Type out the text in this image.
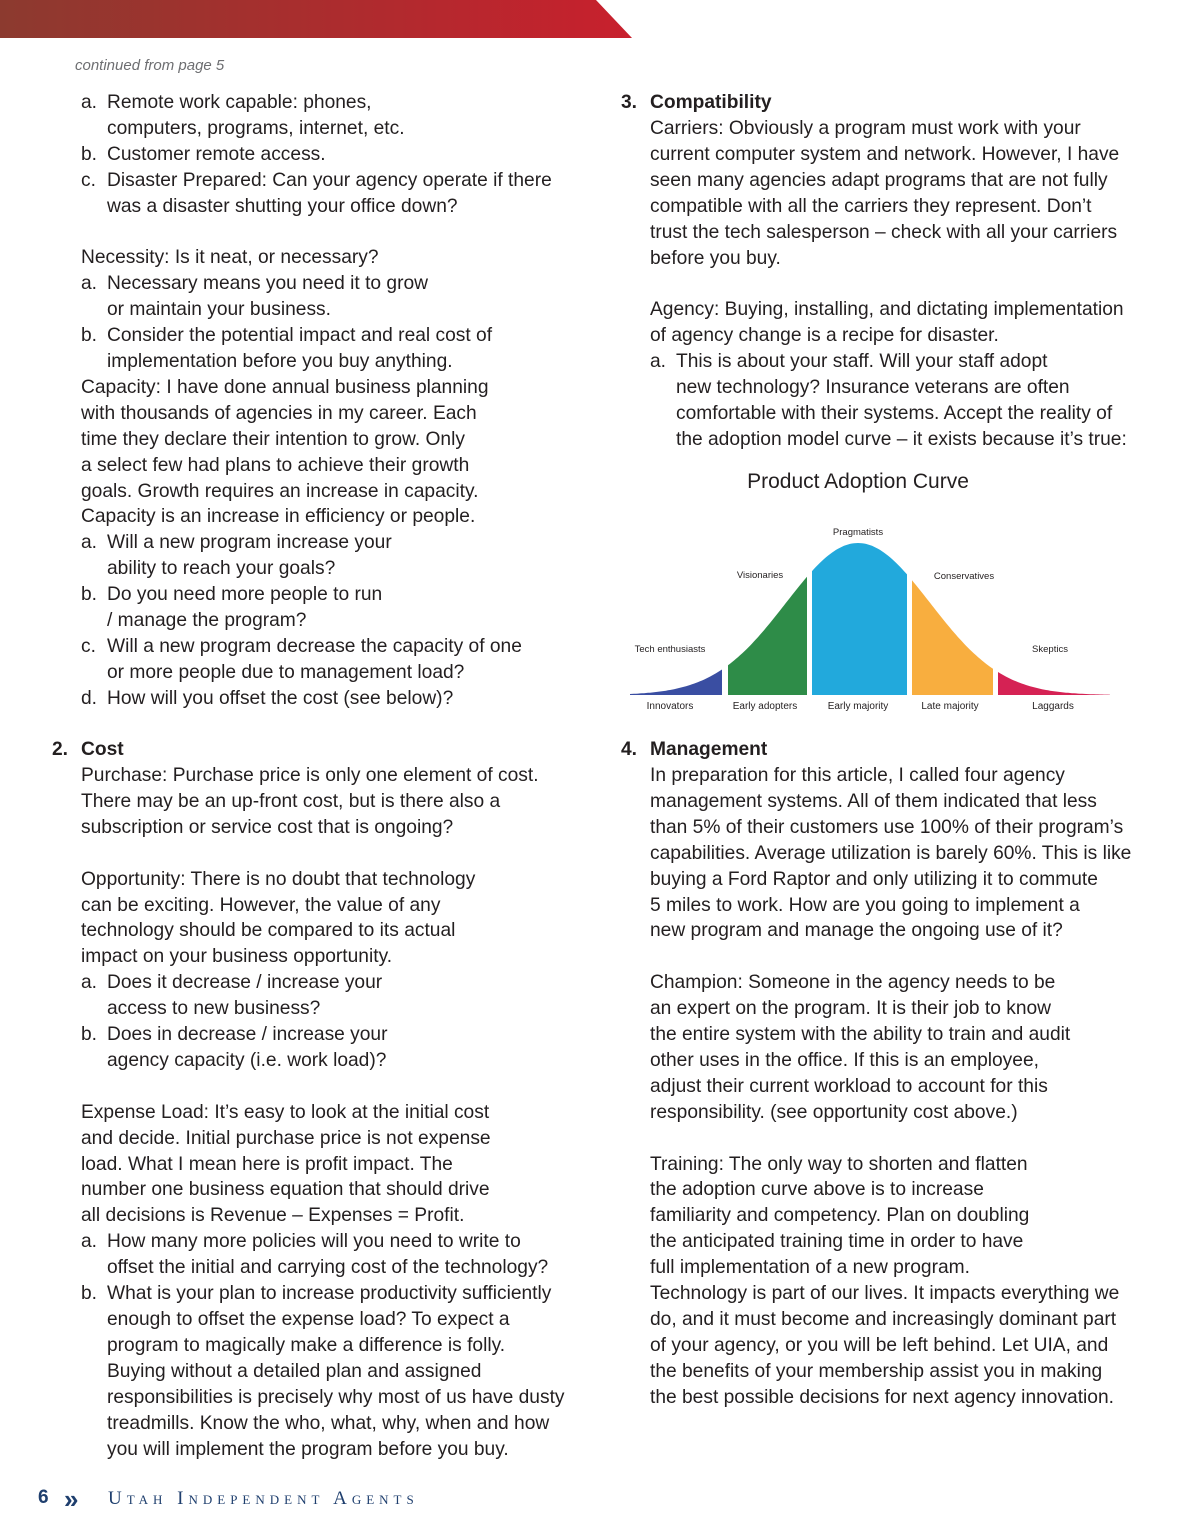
continued from page 5
a. Remote work capable: phones,
computers, programs, internet, etc.
b. Customer remote access.
c. Disaster Prepared: Can your agency operate if there
was a disaster shutting your office down?
Necessity: Is it neat, or necessary?
a. Necessary means you need it to grow
or maintain your business.
b. Consider the potential impact and real cost of
implementation before you buy anything.
Capacity: I have done annual business planning
with thousands of agencies in my career. Each
time they declare their intention to grow. Only
a select few had plans to achieve their growth
goals. Growth requires an increase in capacity.
Capacity is an increase in efficiency or people.
a. Will a new program increase your
ability to reach your goals?
b. Do you need more people to run
/ manage the program?
c. Will a new program decrease the capacity of one
or more people due to management load?
d. How will you offset the cost (see below)?
2. Cost
Purchase: Purchase price is only one element of cost.
There may be an up-front cost, but is there also a
subscription or service cost that is ongoing?
Opportunity: There is no doubt that technology
can be exciting. However, the value of any
technology should be compared to its actual
impact on your business opportunity.
a. Does it decrease / increase your
access to new business?
b. Does in decrease / increase your
agency capacity (i.e. work load)?
Expense Load: It’s easy to look at the initial cost
and decide. Initial purchase price is not expense
load. What I mean here is profit impact. The
number one business equation that should drive
all decisions is Revenue – Expenses = Profit.
a. How many more policies will you need to write to
offset the initial and carrying cost of the technology?
b. What is your plan to increase productivity sufficiently
enough to offset the expense load? To expect a
program to magically make a difference is folly.
Buying without a detailed plan and assigned
responsibilities is precisely why most of us have dusty
treadmills. Know the who, what, why, when and how
you will implement the program before you buy.
3. Compatibility
Carriers: Obviously a program must work with your
current computer system and network. However, I have
seen many agencies adapt programs that are not fully
compatible with all the carriers they represent. Don’t
trust the tech salesperson – check with all your carriers
before you buy.
Agency: Buying, installing, and dictating implementation
of agency change is a recipe for disaster.
a. This is about your staff. Will your staff adopt
new technology? Insurance veterans are often
comfortable with their systems. Accept the reality of
the adoption model curve – it exists because it’s true:
Product Adoption Curve
Innovators
Tech enthusiasts
Early adopters
Visionaries
Early majority
Pragmatists
Late majority
Conservatives
Laggards
Skeptics
4. Management
In preparation for this article, I called four agency
management systems. All of them indicated that less
than 5% of their customers use 100% of their program’s
capabilities. Average utilization is barely 60%. This is like
buying a Ford Raptor and only utilizing it to commute
5 miles to work. How are you going to implement a
new program and manage the ongoing use of it?
Champion: Someone in the agency needs to be
an expert on the program. It is their job to know
the entire system with the ability to train and audit
other uses in the office. If this is an employee,
adjust their current workload to account for this
responsibility. (see opportunity cost above.)
Training: The only way to shorten and flatten
the adoption curve above is to increase
familiarity and competency. Plan on doubling
the anticipated training time in order to have
full implementation of a new program.
Technology is part of our lives. It impacts everything we
do, and it must become and increasingly dominant part
of your agency, or you will be left behind. Let UIA, and
the benefits of your membership assist you in making
the best possible decisions for next agency innovation.
6 » Utah Independent Agents
